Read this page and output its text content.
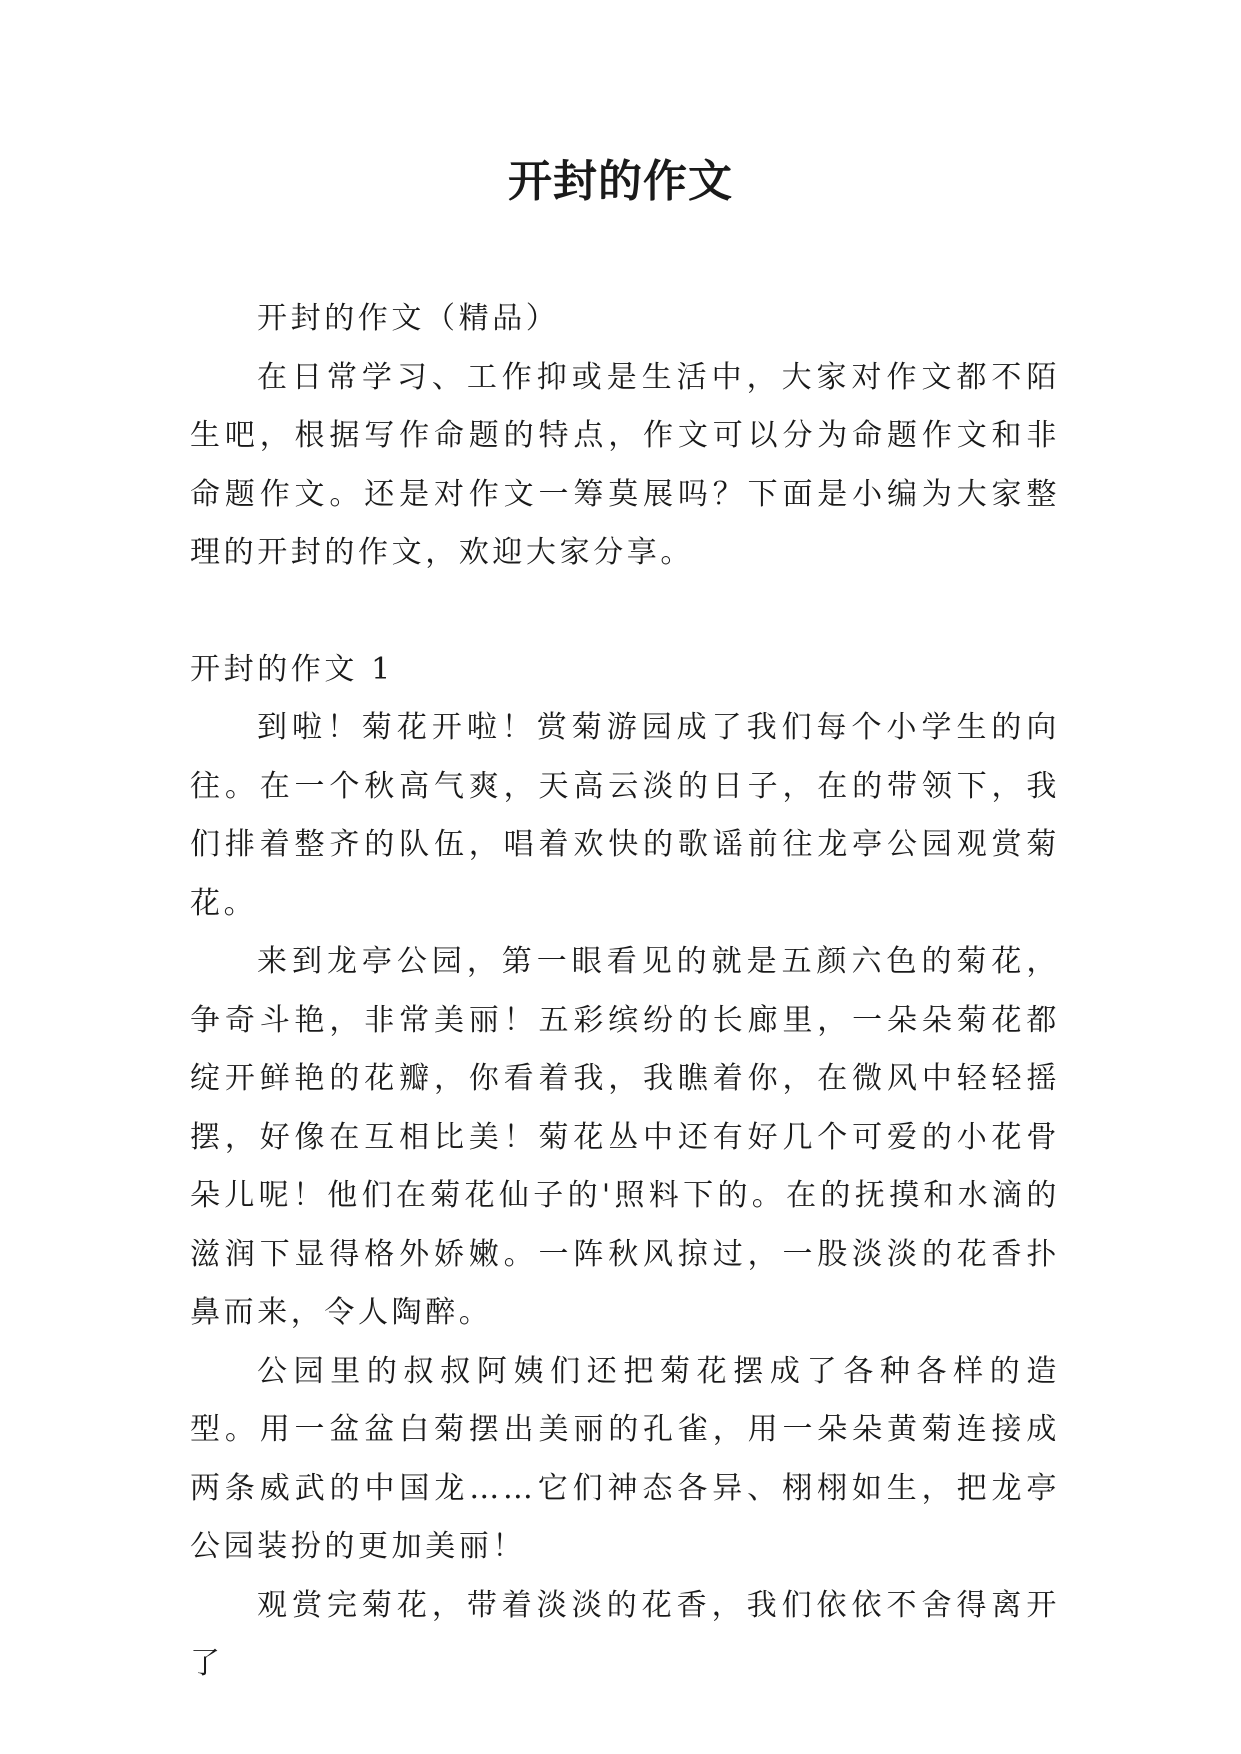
开封的作文

开封的作文（精品）

在日常学习、工作抑或是生活中，大家对作文都不陌生吧，根据写作命题的特点，作文可以分为命题作文和非命题作文。还是对作文一筹莫展吗？下面是小编为大家整理的开封的作文，欢迎大家分享。

开封的作文 1

到啦！菊花开啦！赏菊游园成了我们每个小学生的向往。在一个秋高气爽，天高云淡的日子，在的带领下，我们排着整齐的队伍，唱着欢快的歌谣前往龙亭公园观赏菊花。

来到龙亭公园，第一眼看见的就是五颜六色的菊花，争奇斗艳，非常美丽！五彩缤纷的长廊里，一朵朵菊花都绽开鲜艳的花瓣，你看着我，我瞧着你，在微风中轻轻摇摆，好像在互相比美！菊花丛中还有好几个可爱的小花骨朵儿呢！他们在菊花仙子的'照料下的。在的抚摸和水滴的滋润下显得格外娇嫩。一阵秋风掠过，一股淡淡的花香扑鼻而来，令人陶醉。

公园里的叔叔阿姨们还把菊花摆成了各种各样的造型。用一盆盆白菊摆出美丽的孔雀，用一朵朵黄菊连接成两条威武的中国龙……它们神态各异、栩栩如生，把龙亭公园装扮的更加美丽！

观赏完菊花，带着淡淡的花香，我们依依不舍得离开了
